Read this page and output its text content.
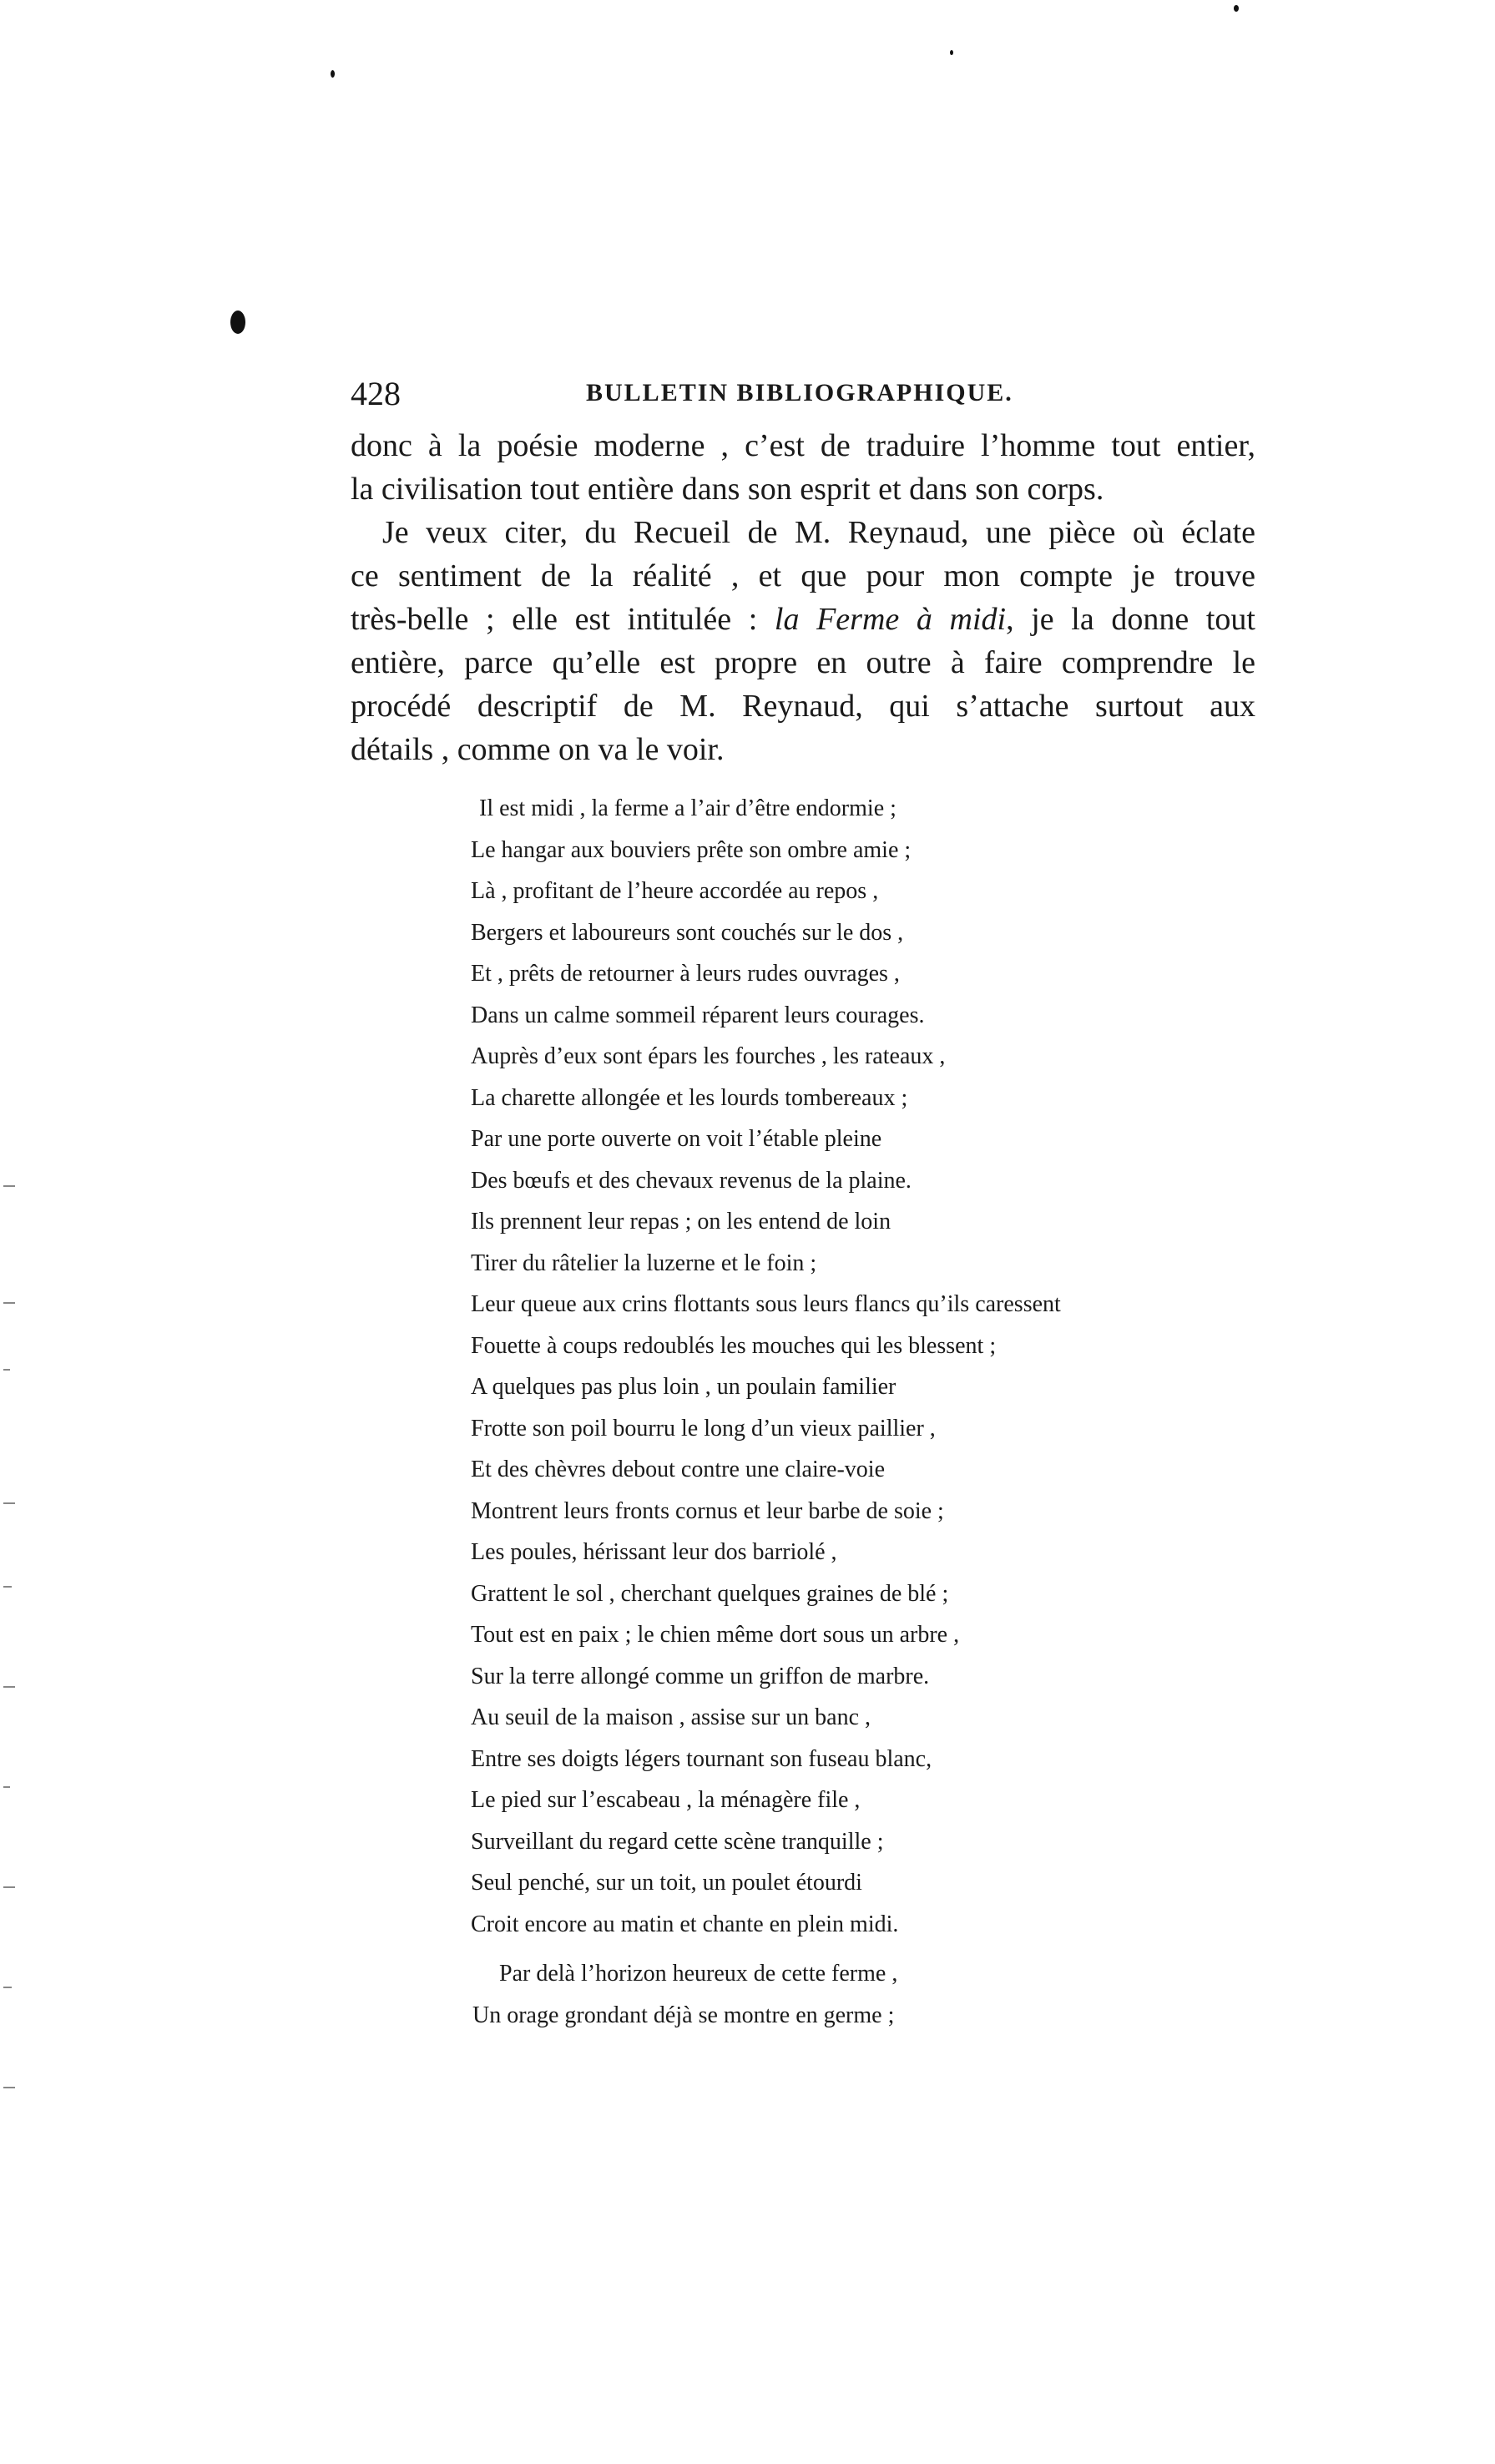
428	BULLETIN BIBLIOGRAPHIQUE.

donc à la poésie moderne , c’est de traduire l’homme tout entier,
la civilisation tout entière dans son esprit et dans son corps.

Je veux citer, du Recueil de M. Reynaud, une pièce où éclate
ce sentiment de la réalité , et que pour mon compte je trouve
très-belle ; elle est intitulée : la Ferme à midi, je la donne tout
entière, parce qu’elle est propre en outre à faire comprendre le
procédé descriptif de M. Reynaud, qui s’attache surtout aux
détails , comme on va le voir.

Il est midi , la ferme a l’air d’être endormie ;
Le hangar aux bouviers prête son ombre amie ;
Là , profitant de l’heure accordée au repos ,
Bergers et laboureurs sont couchés sur le dos ,
Et , prêts de retourner à leurs rudes ouvrages ,
Dans un calme sommeil réparent leurs courages.
Auprès d’eux sont épars les fourches , les rateaux ,
La charette allongée et les lourds tombereaux ;
Par une porte ouverte on voit l’étable pleine
Des bœufs et des chevaux revenus de la plaine.
Ils prennent leur repas ; on les entend de loin
Tirer du râtelier la luzerne et le foin ;
Leur queue aux crins flottants sous leurs flancs qu’ils caressent
Fouette à coups redoublés les mouches qui les blessent ;
A quelques pas plus loin , un poulain familier
Frotte son poil bourru le long d’un vieux paillier ,
Et des chèvres debout contre une claire-voie
Montrent leurs fronts cornus et leur barbe de soie ;
Les poules, hérissant leur dos barriolé ,
Grattent le sol , cherchant quelques graines de blé ;
Tout est en paix ; le chien même dort sous un arbre ,
Sur la terre allongé comme un griffon de marbre.
Au seuil de la maison , assise sur un banc ,
Entre ses doigts légers tournant son fuseau blanc,
Le pied sur l’escabeau , la ménagère file ,
Surveillant du regard cette scène tranquille ;
Seul penché, sur un toit, un poulet étourdi
Croit encore au matin et chante en plein midi.
Par delà l’horizon heureux de cette ferme ,
Un orage grondant déjà se montre en germe ;
